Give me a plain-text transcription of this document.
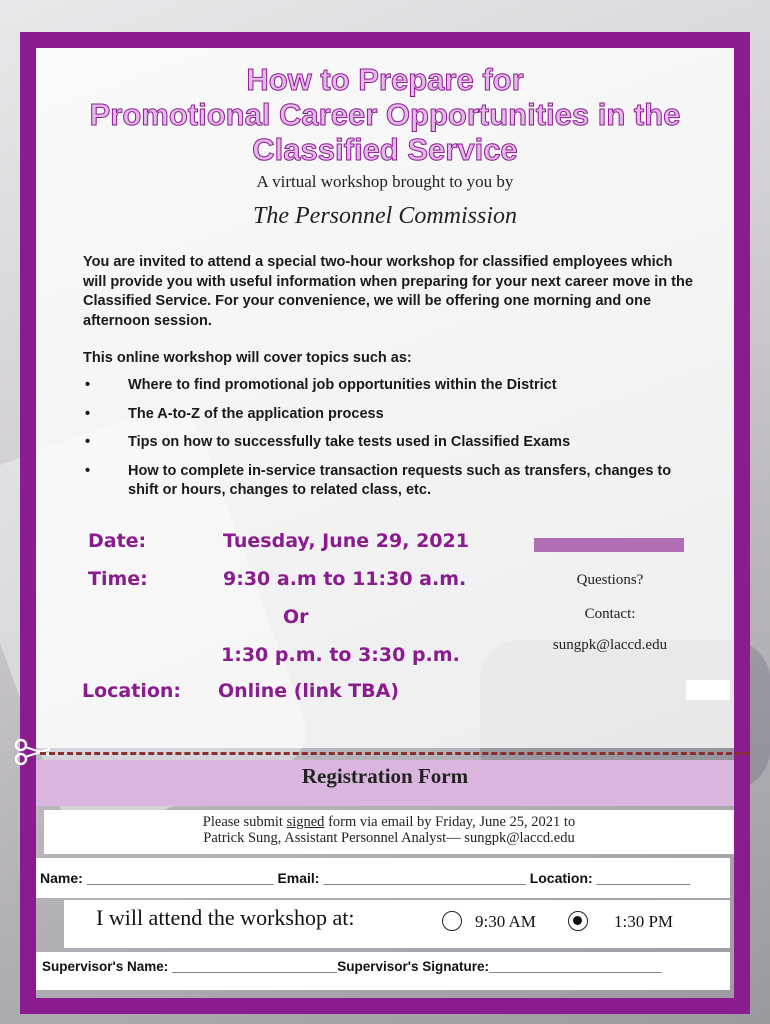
How to Prepare for
Promotional Career Opportunities in the
Classified Service
A virtual workshop brought to you by
The Personnel Commission
You are invited to attend a special two-hour workshop for classified employees which will provide you with useful information when preparing for your next career move in the Classified Service. For your convenience, we will be offering one morning and one afternoon session.
This online workshop will cover topics such as:
•	Where to find promotional job opportunities within the District
•	The A-to-Z of the application process
•	Tips on how to successfully take tests used in Classified Exams
•	How to complete in-service transaction requests such as transfers, changes to shift or hours, changes to related class, etc.
Date:	Tuesday, June 29, 2021
Time:	9:30 a.m to 11:30 a.m.
Or
1:30 p.m. to 3:30 p.m.
Location: Online (link TBA)
Questions?
Contact:
sungpk@laccd.edu
Registration Form
Please submit signed form via email by Friday, June 25, 2021 to
Patrick Sung, Assistant Personnel Analyst— sungpk@laccd.edu
Name: ________________________ Email: __________________________ Location: ____________
I will attend the workshop at:	9:30 AM	1:30 PM
Supervisor's Name: ______________________Supervisor's Signature:_______________________
